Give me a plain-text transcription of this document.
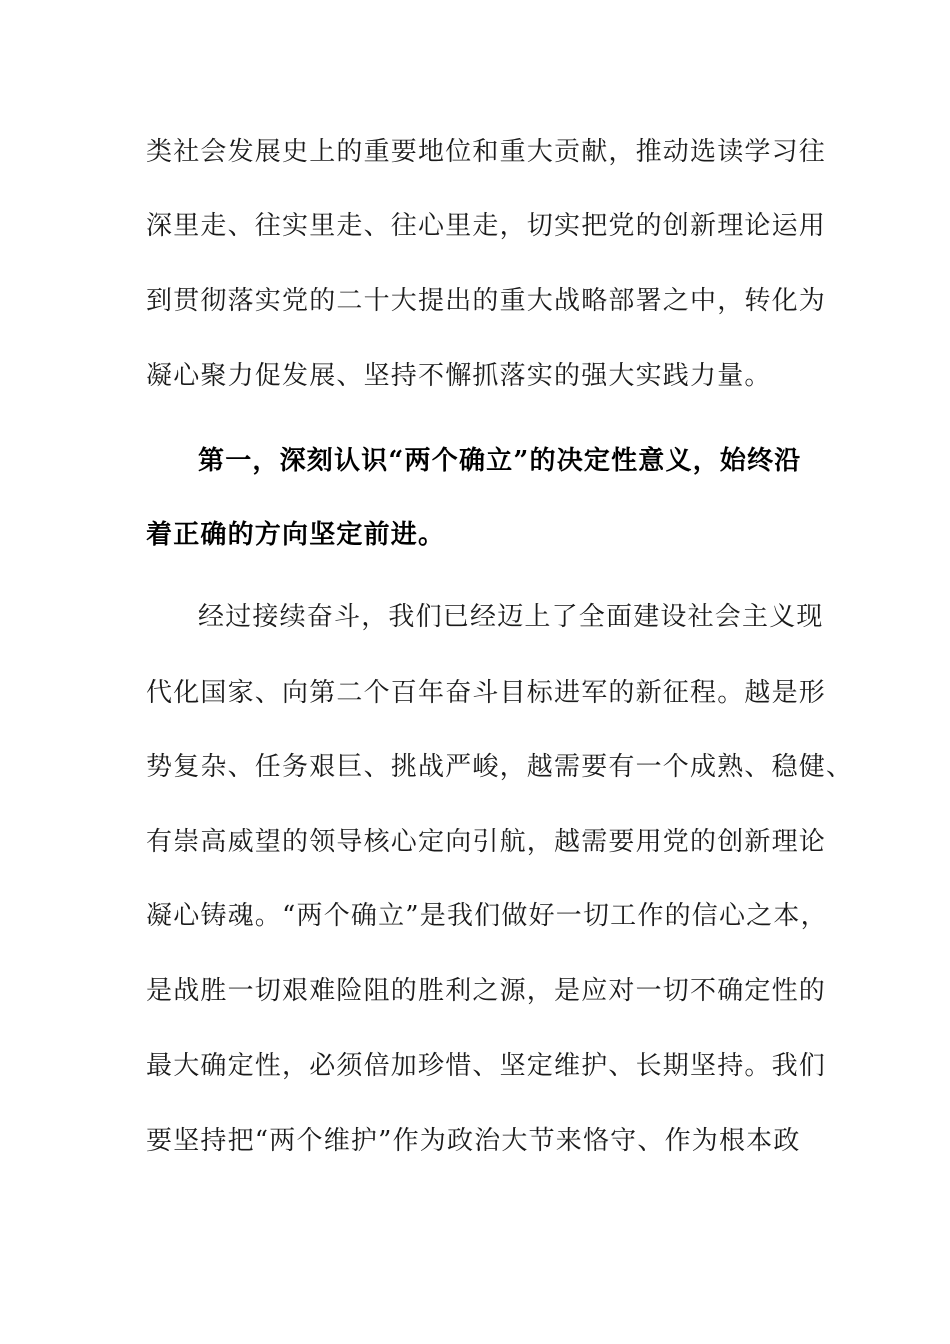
类社会发展史上的重要地位和重大贡献，推动选读学习往
深里走、往实里走、往心里走，切实把党的创新理论运用
到贯彻落实党的二十大提出的重大战略部署之中，转化为
凝心聚力促发展、坚持不懈抓落实的强大实践力量。
第一，深刻认识“两个确立”的决定性意义，始终沿
着正确的方向坚定前进。
经过接续奋斗，我们已经迈上了全面建设社会主义现
代化国家、向第二个百年奋斗目标进军的新征程。越是形
势复杂、任务艰巨、挑战严峻，越需要有一个成熟、稳健、
有崇高威望的领导核心定向引航，越需要用党的创新理论
凝心铸魂。“两个确立”是我们做好一切工作的信心之本，
是战胜一切艰难险阻的胜利之源，是应对一切不确定性的
最大确定性，必须倍加珍惜、坚定维护、长期坚持。我们
要坚持把“两个维护”作为政治大节来恪守、作为根本政
